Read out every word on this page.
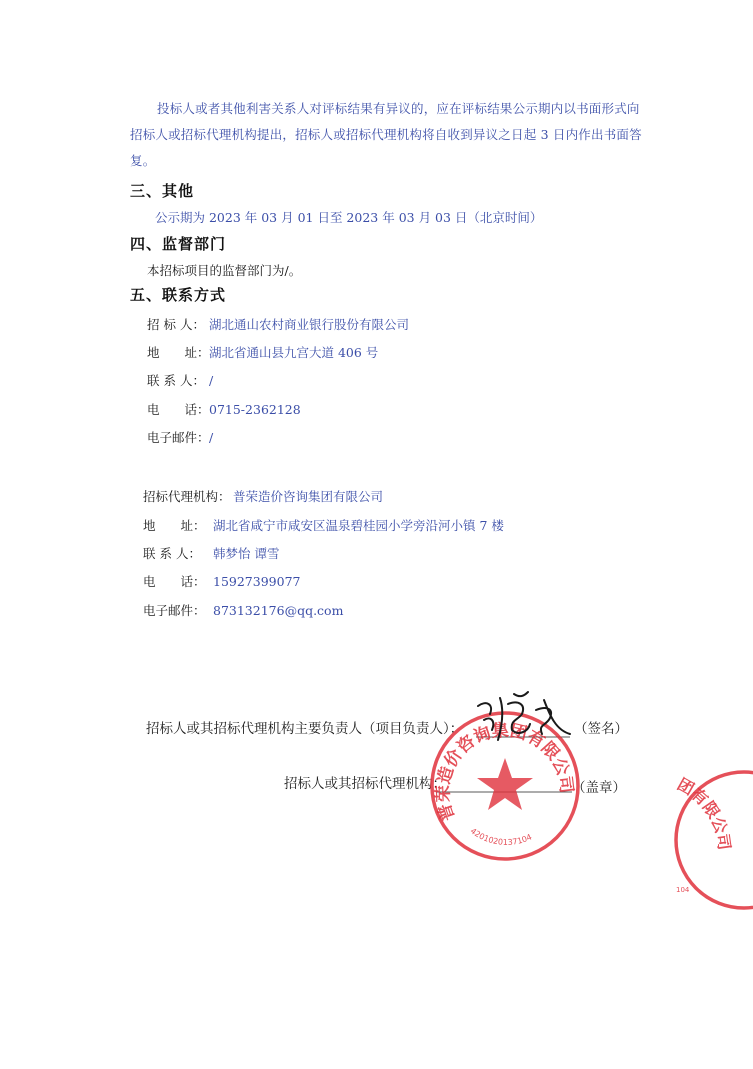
投标人或者其他利害关系人对评标结果有异议的，应在评标结果公示期内以书面形式向招标人或招标代理机构提出，招标人或招标代理机构将自收到异议之日起 3 日内作出书面答复。
三、其他
公示期为 2023 年 03 月 01 日至 2023 年 03 月 03 日（北京时间）
四、监督部门
本招标项目的监督部门为/。
五、联系方式
招 标 人： 湖北通山农村商业银行股份有限公司
地　　址：湖北省通山县九宫大道 406 号
联 系 人： /
电　　话：0715-2362128
电子邮件：/
招标代理机构： 普荣造价咨询集团有限公司
地　　址： 湖北省咸宁市咸安区温泉碧桂园小学旁沿河小镇 7 楼
联 系 人： 韩梦怡 谭雪
电　　话： 15927399077
电子邮件： 873132176@qq.com
招标人或其招标代理机构主要负责人（项目负责人）：	（签名）
招标人或其招标代理机构：	（盖章）
普荣造价咨询集团有限公司
4201020137104
团有限公司
104
